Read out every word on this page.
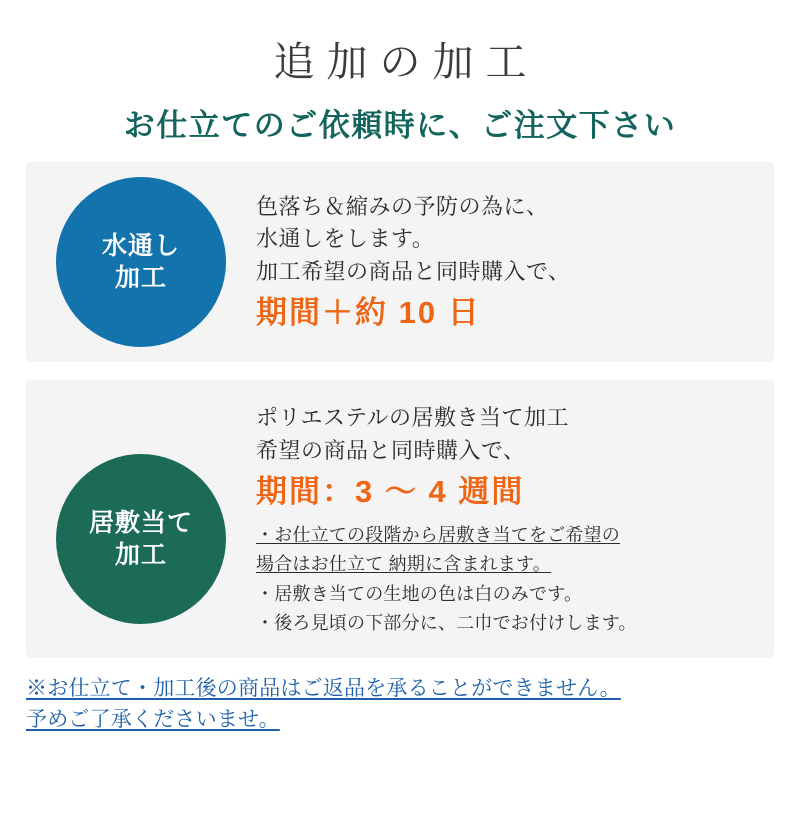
追加の加工
お仕立てのご依頼時に、ご注文下さい
水通し
加工
色落ち＆縮みの予防の為に、
水通しをします。
加工希望の商品と同時購入で、
期間＋約 10 日
居敷当て
加工
ポリエステルの居敷き当て加工
希望の商品と同時購入で、
期間：3 〜 4 週間
・お仕立ての段階から居敷き当てをご希望の
場合はお仕立て 納期に含まれます。
・居敷き当ての生地の色は白のみです。
・後ろ見頃の下部分に、二巾でお付けします。
※お仕立て・加工後の商品はご返品を承ることができません。
予めご了承くださいませ。
